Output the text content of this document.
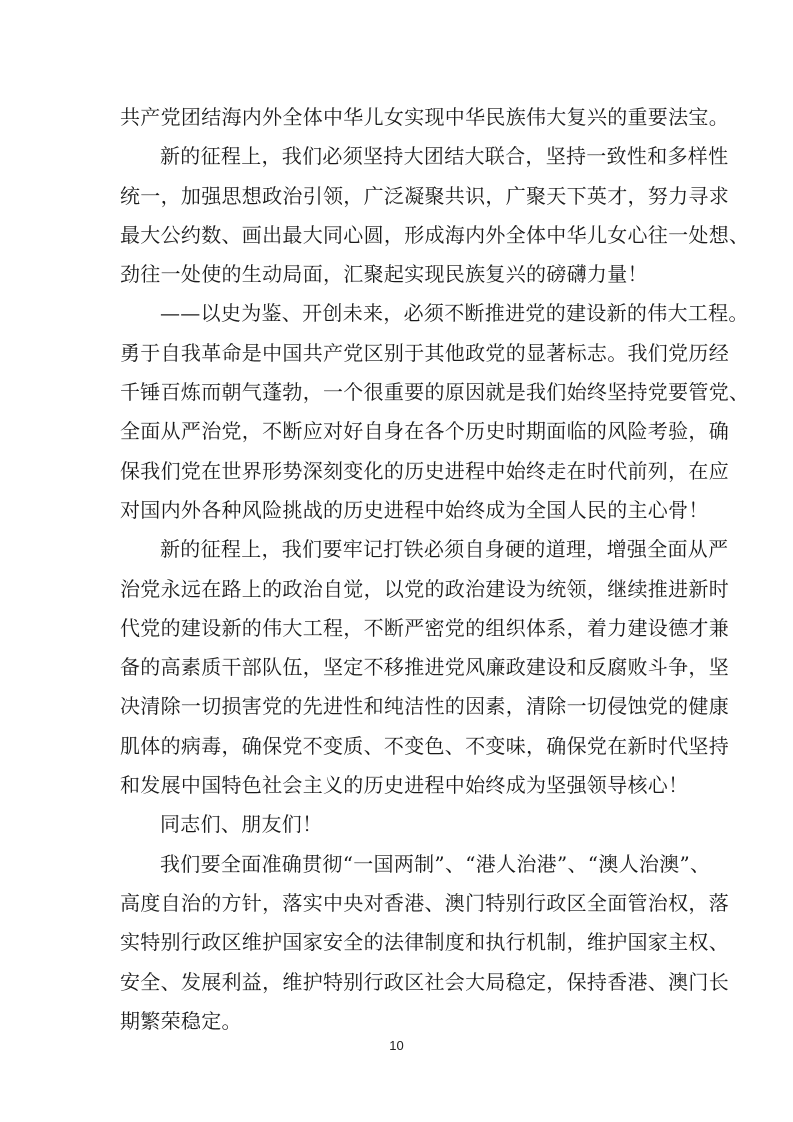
共产党团结海内外全体中华儿女实现中华民族伟大复兴的重要法宝。
新的征程上，我们必须坚持大团结大联合，坚持一致性和多样性
统一，加强思想政治引领，广泛凝聚共识，广聚天下英才，努力寻求
最大公约数、画出最大同心圆，形成海内外全体中华儿女心往一处想、
劲往一处使的生动局面，汇聚起实现民族复兴的磅礴力量！
——以史为鉴、开创未来，必须不断推进党的建设新的伟大工程。
勇于自我革命是中国共产党区别于其他政党的显著标志。我们党历经
千锤百炼而朝气蓬勃，一个很重要的原因就是我们始终坚持党要管党、
全面从严治党，不断应对好自身在各个历史时期面临的风险考验，确
保我们党在世界形势深刻变化的历史进程中始终走在时代前列，在应
对国内外各种风险挑战的历史进程中始终成为全国人民的主心骨！
新的征程上，我们要牢记打铁必须自身硬的道理，增强全面从严
治党永远在路上的政治自觉，以党的政治建设为统领，继续推进新时
代党的建设新的伟大工程，不断严密党的组织体系，着力建设德才兼
备的高素质干部队伍，坚定不移推进党风廉政建设和反腐败斗争，坚
决清除一切损害党的先进性和纯洁性的因素，清除一切侵蚀党的健康
肌体的病毒，确保党不变质、不变色、不变味，确保党在新时代坚持
和发展中国特色社会主义的历史进程中始终成为坚强领导核心！
同志们、朋友们！
我们要全面准确贯彻“一国两制”、“港人治港”、“澳人治澳”、
高度自治的方针，落实中央对香港、澳门特别行政区全面管治权，落
实特别行政区维护国家安全的法律制度和执行机制，维护国家主权、
安全、发展利益，维护特别行政区社会大局稳定，保持香港、澳门长
期繁荣稳定。
10
